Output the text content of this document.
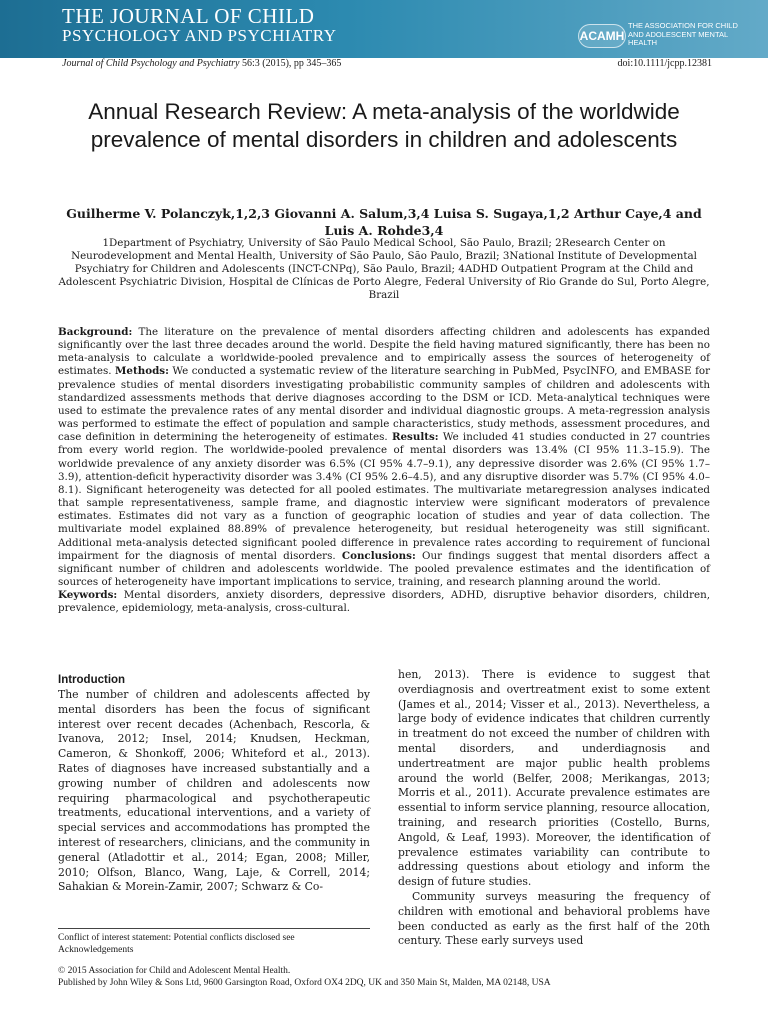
THE JOURNAL OF CHILD
PSYCHOLOGY AND PSYCHIATRY	ACAMH
THE ASSOCIATION FOR CHILD AND ADOLESCENT MENTAL HEALTH
Journal of Child Psychology and Psychiatry 56:3 (2015), pp 345–365	doi:10.1111/jcpp.12381
Annual Research Review: A meta-analysis of the worldwide prevalence of mental disorders in children and adolescents
Guilherme V. Polanczyk,1,2,3 Giovanni A. Salum,3,4 Luisa S. Sugaya,1,2 Arthur Caye,4 and
Luis A. Rohde3,4
1Department of Psychiatry, University of São Paulo Medical School, São Paulo, Brazil; 2Research Center on Neurodevelopment and Mental Health, University of São Paulo, São Paulo, Brazil; 3National Institute of Developmental Psychiatry for Children and Adolescents (INCT-CNPq), São Paulo, Brazil; 4ADHD Outpatient Program at the Child and Adolescent Psychiatric Division, Hospital de Clínicas de Porto Alegre, Federal University of Rio Grande do Sul, Porto Alegre, Brazil
Background: The literature on the prevalence of mental disorders affecting children and adolescents has expanded significantly over the last three decades around the world. Despite the field having matured significantly, there has been no meta-analysis to calculate a worldwide-pooled prevalence and to empirically assess the sources of heterogeneity of estimates. Methods: We conducted a systematic review of the literature searching in PubMed, PsycINFO, and EMBASE for prevalence studies of mental disorders investigating probabilistic community samples of children and adolescents with standardized assessments methods that derive diagnoses according to the DSM or ICD. Meta-analytical techniques were used to estimate the prevalence rates of any mental disorder and individual diagnostic groups. A meta-regression analysis was performed to estimate the effect of population and sample characteristics, study methods, assessment procedures, and case definition in determining the heterogeneity of estimates. Results: We included 41 studies conducted in 27 countries from every world region. The worldwide-pooled prevalence of mental disorders was 13.4% (CI 95% 11.3–15.9). The worldwide prevalence of any anxiety disorder was 6.5% (CI 95% 4.7–9.1), any depressive disorder was 2.6% (CI 95% 1.7–3.9), attention-deficit hyperactivity disorder was 3.4% (CI 95% 2.6–4.5), and any disruptive disorder was 5.7% (CI 95% 4.0–8.1). Significant heterogeneity was detected for all pooled estimates. The multivariate metaregression analyses indicated that sample representativeness, sample frame, and diagnostic interview were significant moderators of prevalence estimates. Estimates did not vary as a function of geographic location of studies and year of data collection. The multivariate model explained 88.89% of prevalence heterogeneity, but residual heterogeneity was still significant. Additional meta-analysis detected significant pooled difference in prevalence rates according to requirement of funcional impairment for the diagnosis of mental disorders. Conclusions: Our findings suggest that mental disorders affect a significant number of children and adolescents worldwide. The pooled prevalence estimates and the identification of sources of heterogeneity have important implications to service, training, and research planning around the world.
Keywords: Mental disorders, anxiety disorders, depressive disorders, ADHD, disruptive behavior disorders, children, prevalence, epidemiology, meta-analysis, cross-cultural.
Introduction

The number of children and adolescents affected by mental disorders has been the focus of significant interest over recent decades (Achenbach, Rescorla, & Ivanova, 2012; Insel, 2014; Knudsen, Heckman, Cameron, & Shonkoff, 2006; Whiteford et al., 2013). Rates of diagnoses have increased substantially and a growing number of children and adolescents now requiring pharmacological and psychotherapeutic treatments, educational interventions, and a variety of special services and accommodations has prompted the interest of researchers, clinicians, and the community in general (Atladottir et al., 2014; Egan, 2008; Miller, 2010; Olfson, Blanco, Wang, Laje, & Correll, 2014; Sahakian & Morein-Zamir, 2007; Schwarz & Co-

hen, 2013). There is evidence to suggest that overdiagnosis and overtreatment exist to some extent (James et al., 2014; Visser et al., 2013). Nevertheless, a large body of evidence indicates that children currently in treatment do not exceed the number of children with mental disorders, and underdiagnosis and undertreatment are major public health problems around the world (Belfer, 2008; Merikangas, 2013; Morris et al., 2011). Accurate prevalence estimates are essential to inform service planning, resource allocation, training, and research priorities (Costello, Burns, Angold, & Leaf, 1993). Moreover, the identification of prevalence estimates variability can contribute to addressing questions about etiology and inform the design of future studies.

Community surveys measuring the frequency of children with emotional and behavioral problems have been conducted as early as the first half of the 20th century. These early surveys used

Conflict of interest statement: Potential conflicts disclosed see
Acknowledgements
© 2015 Association for Child and Adolescent Mental Health.
Published by John Wiley & Sons Ltd, 9600 Garsington Road, Oxford OX4 2DQ, UK and 350 Main St, Malden, MA 02148, USA
